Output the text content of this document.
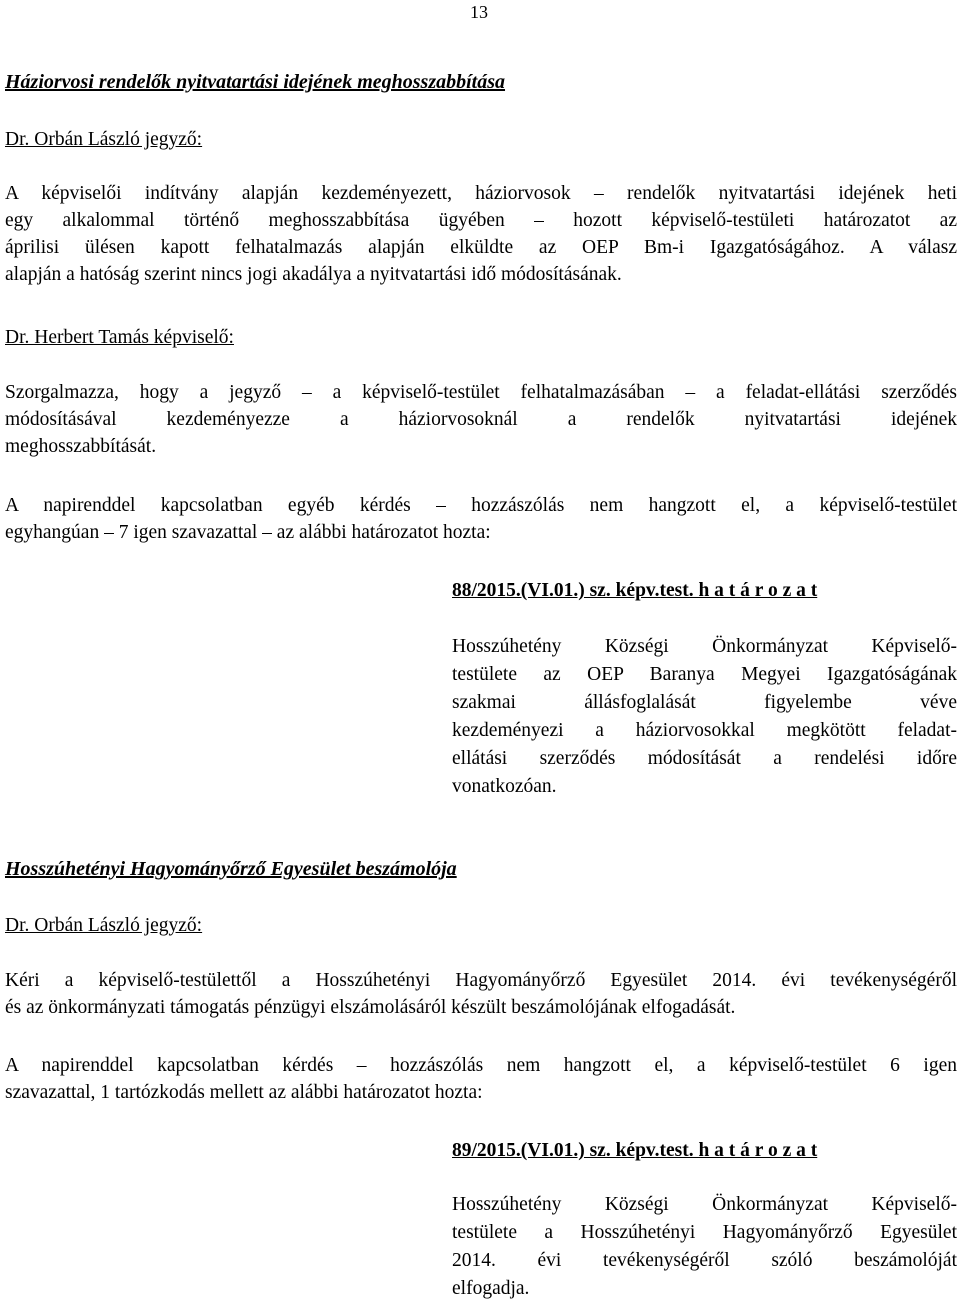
13
Háziorvosi rendelők nyitvatartási idejének meghosszabbítása
Dr. Orbán László jegyző:
A képviselői indítvány alapján kezdeményezett, háziorvosok – rendelők nyitvatartási idejének heti
egy alkalommal történő meghosszabbítása ügyében – hozott képviselő-testületi határozatot az
áprilisi ülésen kapott felhatalmazás alapján elküldte az OEP Bm-i Igazgatóságához. A válasz
alapján a hatóság szerint nincs jogi akadálya a nyitvatartási idő módosításának.
Dr. Herbert Tamás képviselő:
Szorgalmazza, hogy a jegyző – a képviselő-testület felhatalmazásában – a feladat-ellátási szerződés
módosításával kezdeményezze a háziorvosoknál a rendelők nyitvatartási idejének
meghosszabbítását.
A napirenddel kapcsolatban egyéb kérdés – hozzászólás nem hangzott el, a képviselő-testület
egyhangúan – 7 igen szavazattal – az alábbi határozatot hozta:
88/2015.(VI.01.) sz. képv.test. h a t á r o z a t
Hosszúhetény Községi Önkormányzat Képviselő-
testülete az OEP Baranya Megyei Igazgatóságának
szakmai állásfoglalását figyelembe véve
kezdeményezi a háziorvosokkal megkötött feladat-
ellátási szerződés módosítását a rendelési időre
vonatkozóan.
Hosszúhetényi Hagyományőrző Egyesület beszámolója
Dr. Orbán László jegyző:
Kéri a képviselő-testülettől a Hosszúhetényi Hagyományőrző Egyesület 2014. évi tevékenységéről
és az önkormányzati támogatás pénzügyi elszámolásáról készült beszámolójának elfogadását.
A napirenddel kapcsolatban kérdés – hozzászólás nem hangzott el, a képviselő-testület 6 igen
szavazattal, 1 tartózkodás mellett az alábbi határozatot hozta:
89/2015.(VI.01.) sz. képv.test. h a t á r o z a t
Hosszúhetény Községi Önkormányzat Képviselő-
testülete a Hosszúhetényi Hagyományőrző Egyesület
2014. évi tevékenységéről szóló beszámolóját
elfogadja.
